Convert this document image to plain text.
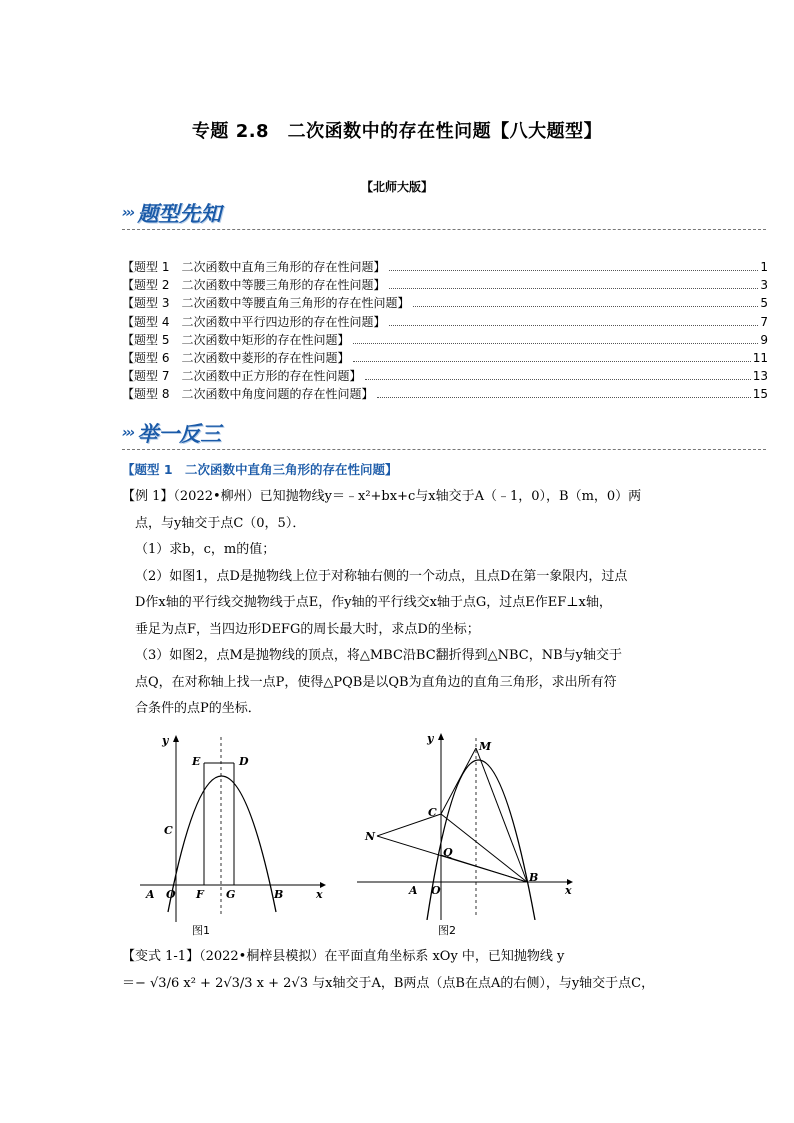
专题 2.8　二次函数中的存在性问题【八大题型】
【北师大版】
››› 题型先知
【题型 1　二次函数中直角三角形的存在性问题】	1
【题型 2　二次函数中等腰三角形的存在性问题】	3
【题型 3　二次函数中等腰直角三角形的存在性问题】	5
【题型 4　二次函数中平行四边形的存在性问题】	7
【题型 5　二次函数中矩形的存在性问题】	9
【题型 6　二次函数中菱形的存在性问题】	11
【题型 7　二次函数中正方形的存在性问题】	13
【题型 8　二次函数中角度问题的存在性问题】	15
››› 举一反三
【题型 1　二次函数中直角三角形的存在性问题】
【例 1】（2022•柳州）已知抛物线y＝﹣x²+bx+c与x轴交于A（﹣1，0），B（m，0）两
点，与y轴交于点C（0，5）．
（1）求b，c，m的值；
（2）如图1，点D是抛物线上位于对称轴右侧的一个动点，且点D在第一象限内，过点
D作x轴的平行线交抛物线于点E，作y轴的平行线交x轴于点G，过点E作EF⊥x轴，
垂足为点F，当四边形DEFG的周长最大时，求点D的坐标；
（3）如图2，点M是抛物线的顶点，将△MBC沿BC翻折得到△NBC，NB与y轴交于
点Q，在对称轴上找一点P，使得△PQB是以QB为直角边的直角三角形，求出所有符
合条件的点P的坐标．
y
x
E	D
C
A O F G	B
图1
y
x
M
C
N
Q
A O
B
图2
【变式 1-1】（2022•桐梓县模拟）在平面直角坐标系 xOy 中，已知抛物线 y
＝− √3/6 x² + 2√3/3 x + 2√3 与x轴交于A，B两点（点B在点A的右侧），与y轴交于点C，
